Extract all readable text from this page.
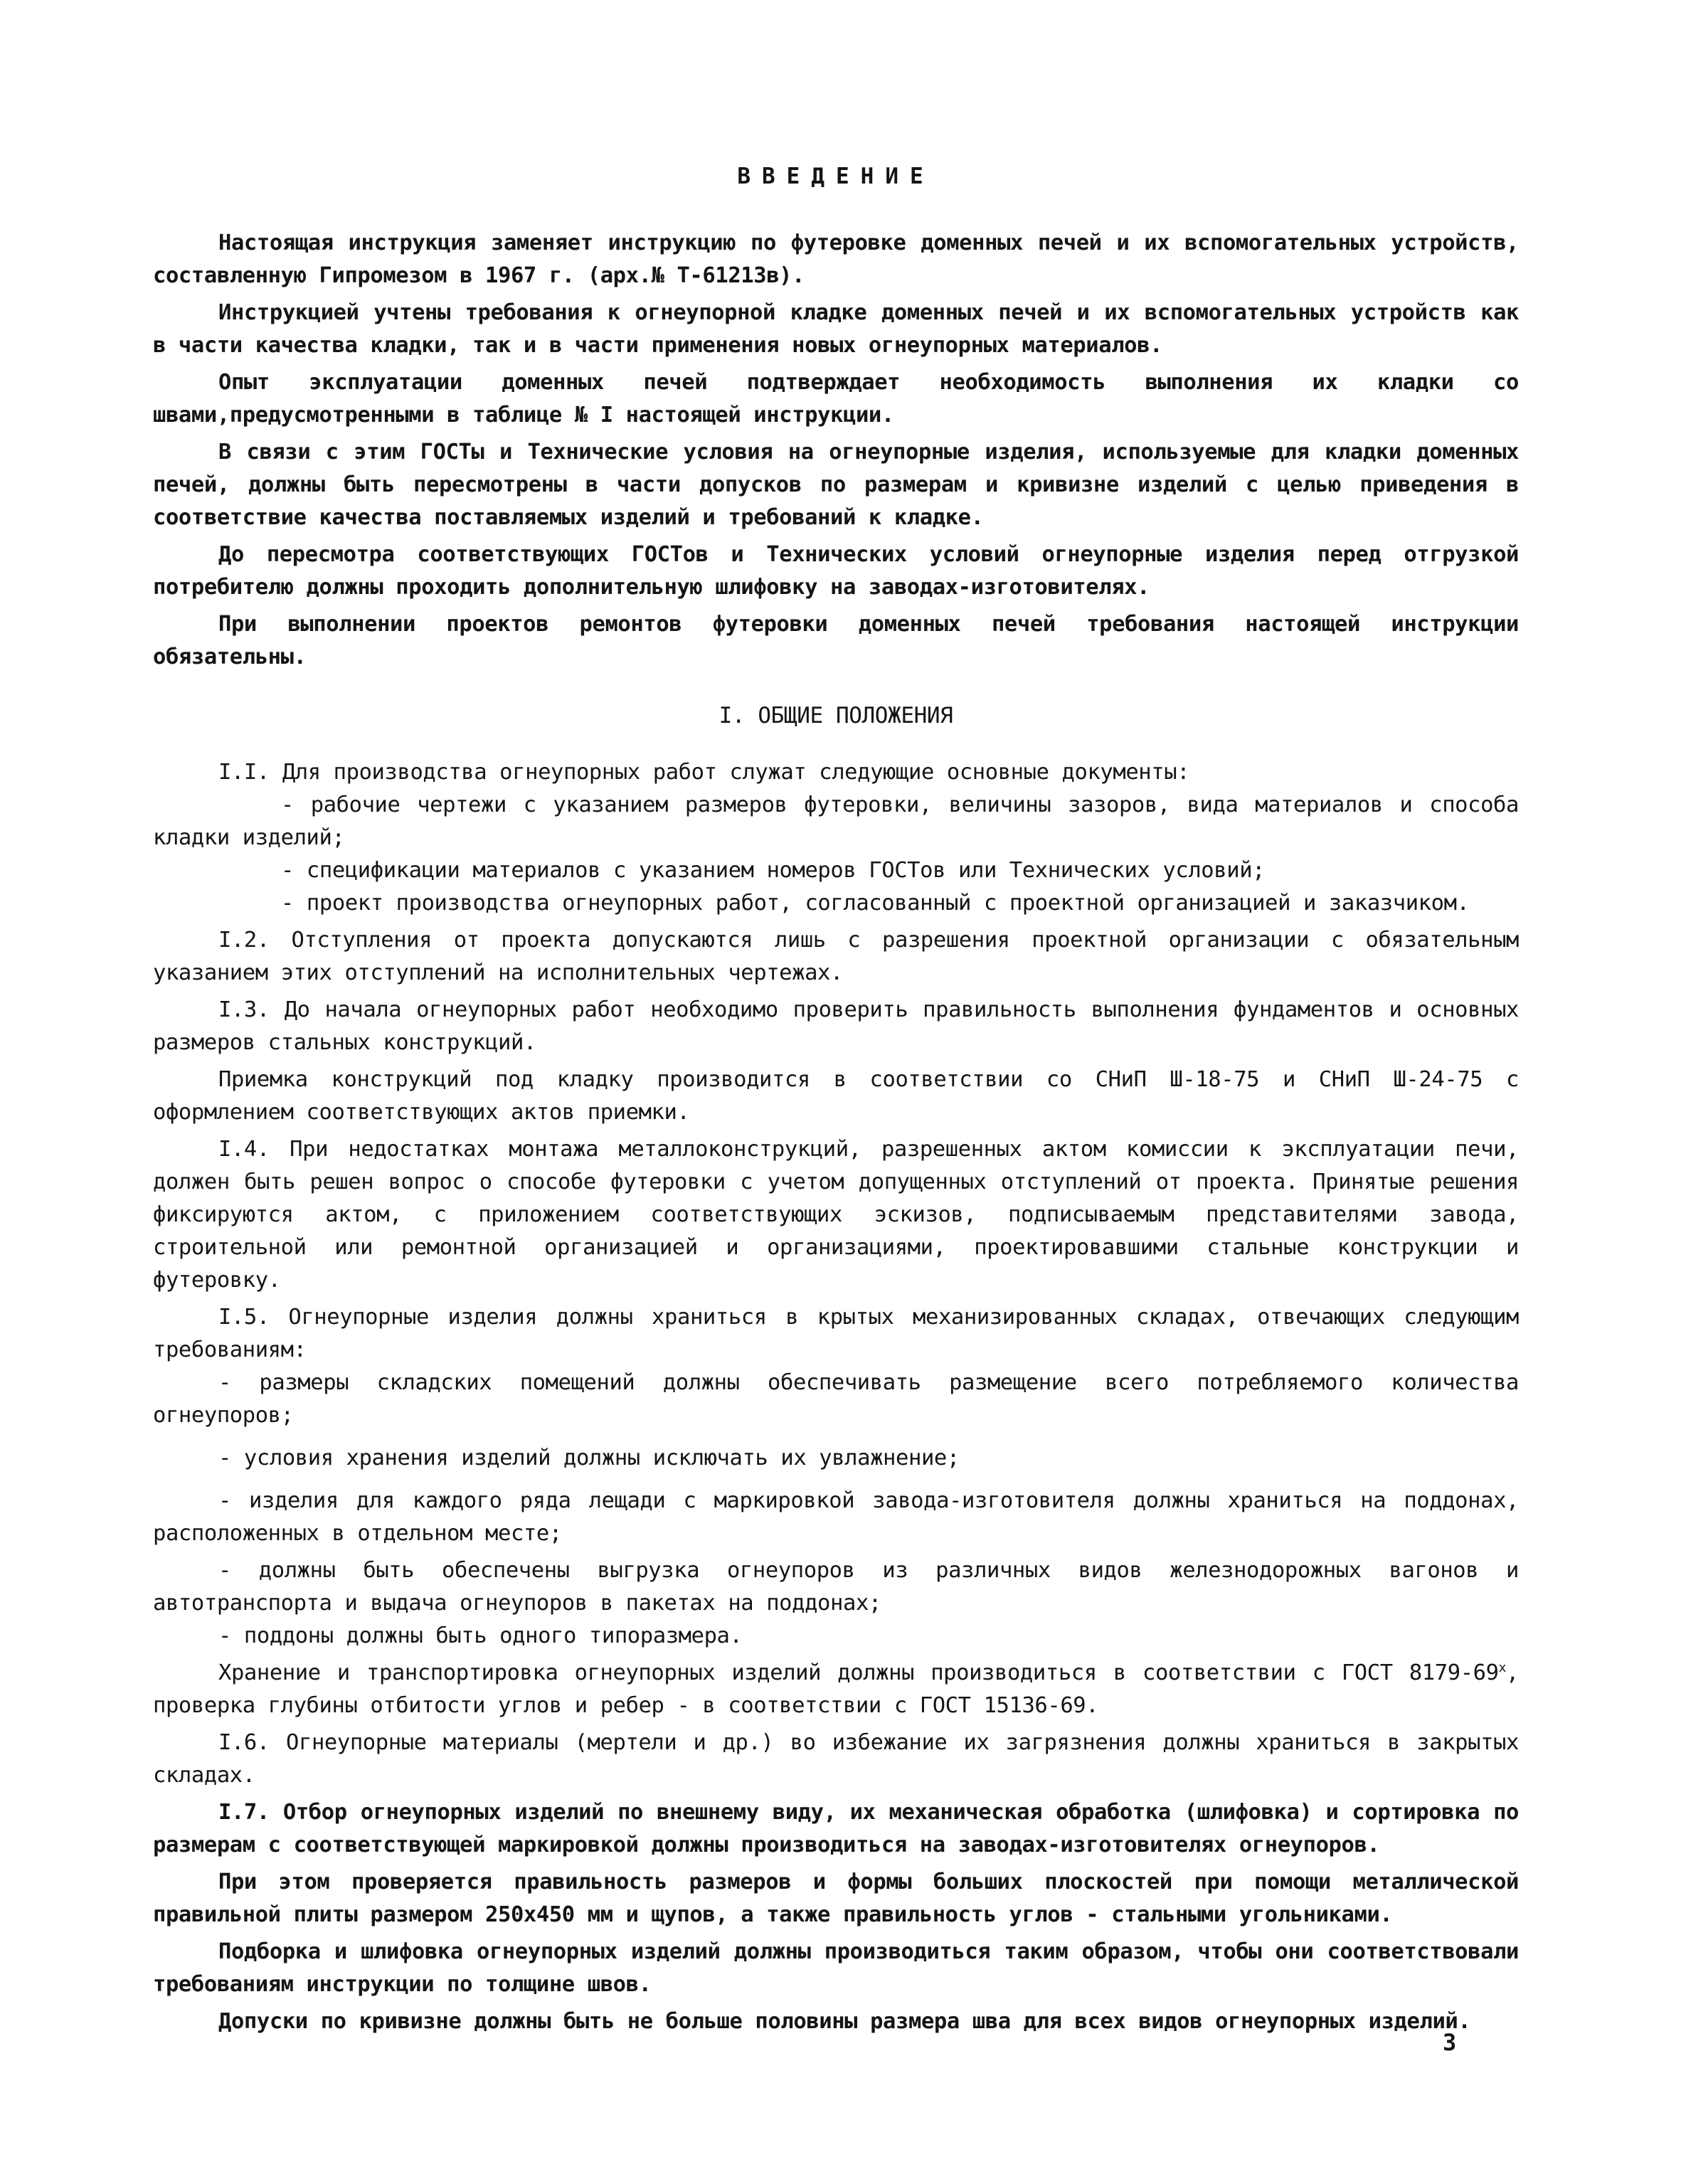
ВВЕДЕНИЕ

Настоящая инструкция заменяет инструкцию по футеровке доменных печей и их вспомогательных устройств, составленную Гипромезом в 1967 г. (арх.№ Т-61213в).

Инструкцией учтены требования к огнеупорной кладке доменных печей и их вспомогательных устройств как в части качества кладки, так и в части применения новых огнеупорных материалов.

Опыт эксплуатации доменных печей подтверждает необходимость выполнения их кладки со швами,предусмотренными в таблице № I настоящей инструкции.

В связи с этим ГОСТы и Технические условия на огнеупорные изделия, используемые для кладки доменных печей, должны быть пересмотрены в части допусков по размерам и кривизне изделий с целью приведения в соответствие качества поставляемых изделий и требований к кладке.

До пересмотра соответствующих ГОСТов и Технических условий огнеупорные изделия перед отгрузкой потребителю должны проходить дополнительную шлифовку на заводах-изготовителях.

При выполнении проектов ремонтов футеровки доменных печей требования настоящей инструкции обязательны.

I. ОБЩИЕ ПОЛОЖЕНИЯ

I.I. Для производства огнеупорных работ служат следующие основные документы:

- рабочие чертежи с указанием размеров футеровки, величины зазоров, вида материалов и способа кладки изделий;

- спецификации материалов с указанием номеров ГОСТов или Технических условий;

- проект производства огнеупорных работ, согласованный с проектной организацией и заказчиком.

I.2. Отступления от проекта допускаются лишь с разрешения проектной организации с обязательным указанием этих отступлений на исполнительных чертежах.

I.3. До начала огнеупорных работ необходимо проверить правильность выполнения фундаментов и основных размеров стальных конструкций.

Приемка конструкций под кладку производится в соответствии со СНиП Ш-18-75 и СНиП Ш-24-75 с оформлением соответствующих актов приемки.

I.4. При недостатках монтажа металлоконструкций, разрешенных актом комиссии к эксплуатации печи, должен быть решен вопрос о способе футеровки с учетом допущенных отступлений от проекта. Принятые решения фиксируются актом, с приложением соответствующих эскизов, подписываемым представителями завода, строительной или ремонтной организацией и организациями, проектировавшими стальные конструкции и футеровку.

I.5. Огнеупорные изделия должны храниться в крытых механизированных складах, отвечающих следующим требованиям:

- размеры складских помещений должны обеспечивать размещение всего потребляемого количества огнеупоров;

- условия хранения изделий должны исключать их увлажнение;

- изделия для каждого ряда лещади с маркировкой завода-изготовителя должны храниться на поддонах, расположенных в отдельном месте;

- должны быть обеспечены выгрузка огнеупоров из различных видов железнодорожных вагонов и автотранспорта и выдача огнеупоров в пакетах на поддонах;

- поддоны должны быть одного типоразмера.

Хранение и транспортировка огнеупорных изделий должны производиться в соответствии с ГОСТ 8179-69$^x$, проверка глубины отбитости углов и ребер - в соответствии с ГОСТ 15136-69.

I.6. Огнеупорные материалы (мертели и др.) во избежание их загрязнения должны храниться в закрытых складах.

I.7. Отбор огнеупорных изделий по внешнему виду, их механическая обработка (шлифовка) и сортировка по размерам с соответствующей маркировкой должны производиться на заводах-изготовителях огнеупоров.

При этом проверяется правильность размеров и формы больших плоскостей при помощи металлической правильной плиты размером 250х450 мм и щупов, а также правильность углов - стальными угольниками.

Подборка и шлифовка огнеупорных изделий должны производиться таким образом, чтобы они соответствовали требованиям инструкции по толщине швов.

Допуски по кривизне должны быть не больше половины размера шва для всех видов огнеупорных изделий.

3
